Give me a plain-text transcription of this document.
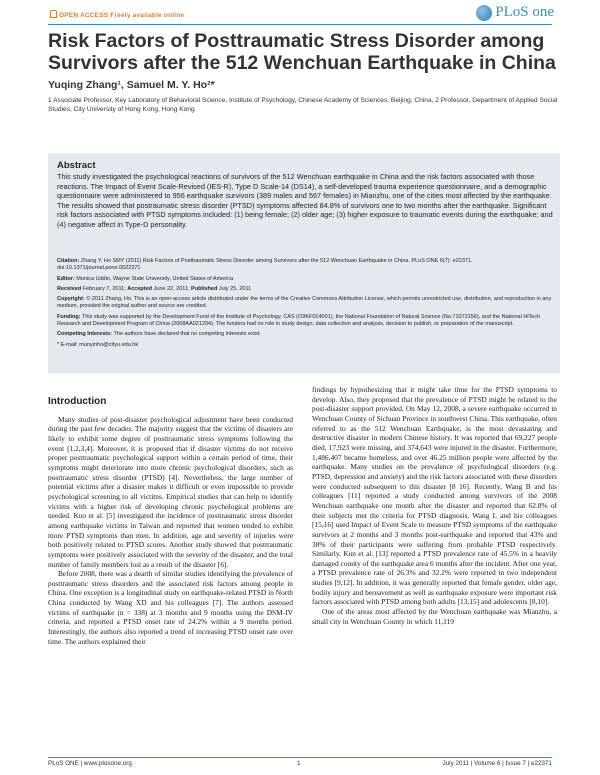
OPEN ACCESS Freely available online	PLoS one
Risk Factors of Posttraumatic Stress Disorder among Survivors after the 512 Wenchuan Earthquake in China
Yuqing Zhang¹, Samuel M. Y. Ho²*
1 Associate Professor, Key Laboratory of Behavioral Science, Institute of Psychology, Chinese Academy of Sciences, Beijing, China, 2 Professor, Department of Applied Social Studies, City University of Hong Kong, Hong Kong
Abstract

This study investigated the psychological reactions of survivors of the 512 Wenchuan earthquake in China and the risk factors associated with those reactions. The Impact of Event Scale-Revised (IES-R), Type D Scale-14 (DS14), a self-developed trauma experience questionnaire, and a demographic questionnaire were administered to 956 earthquake survivors (389 males and 567 females) in Mianzhu, one of the cities most affected by the earthquake. The results showed that postraumatic stress disorder (PTSD) symptoms affected 84.8% of survivors one to two months after the earthquake. Significant risk factors associated with PTSD symptoms included: (1) being female; (2) older age; (3) higher exposure to traumatic events during the earthquake; and (4) negative affect in Type-D personality.

Citation: Zhang Y, Ho SMY (2011) Risk Factors of Posttraumatic Stress Disorder among Survivors after the 512 Wenchuan Earthquake in China. PLoS ONE 6(7): e22371. doi:10.1371/journal.pone.0022371

Editor: Monica Uddin, Wayne State University, United States of America

Received February 7, 2011; Accepted June 22, 2011; Published July 25, 2011

Copyright: © 2011 Zhang, Ho. This is an open-access article distributed under the terms of the Creative Commons Attribution License, which permits unrestricted use, distribution, and reproduction in any medium, provided the original author and source are credited.

Funding: This study was supported by the Development Fund of the Institute of Psychology, CAS (O9KF014001), the National Foundation of Natural Science (No.71073156), and the National HiTech Research and Development Program of China (2008AA021204). The funders had no role in study design, data collection and analysis, decision to publish, or preparation of the manuscript.

Competing Interests: The authors have declared that no competing interests exist.

* E-mail: munyinho@cityu.edu.hk

Introduction

Many studies of post-disaster psychological adjustment have been conducted during the past few decades. The majority suggest that the victims of disasters are likely to exhibit some degree of posttraumatic stress symptoms following the event [1,2,3,4]. Moreover, it is proposed that if disaster victims do not receive proper posttraumatic psychological support within a certain period of time, their symptoms might deteriorate into more chronic psychological disorders, such as posttraumatic stress disorder (PTSD) [4]. Nevertheless, the large number of potential victims after a disaster makes it difficult or even impossible to provide psychological screening to all victims. Empirical studies that can help to identify victims with a higher risk of developing chronic psychological problems are needed. Kuo et al. [5] investigated the incidence of posttraumatic stress disorder among earthquake victims in Taiwan and reported that women tended to exhibit more PTSD symptoms than men. In addition, age and severity of injuries were both positively related to PTSD scores. Another study showed that posttraumatic symptoms were positively associated with the severity of the disaster, and the total number of family members lost as a result of the disaster [6].

Before 2008, there was a dearth of similar studies identifying the prevalence of posttraumatic stress disorders and the associated risk factors among people in China. One exception is a longitudinal study on earthquake-related PTSD in North China conducted by Wang XD and his colleagues [7]. The authors assessed victims of earthquake (n = 338) at 3 months and 9 months using the DSM-IV criteria, and reported a PTSD onset rate of 24.2% within a 9 months period. Interestingly, the authors also reported a trend of increasing PTSD onset rate over time. The authors explained their

findings by hypothesizing that it might take time for the PTSD symptoms to develop. Also, they proposed that the prevalence of PTSD might be related to the post-disaster support provided. On May 12, 2008, a severe earthquake occurred in Wenchuan County of Sichuan Province in southwest China. This earthquake, often referred to as the 512 Wenchuan Earthquake, is the most devastating and destructive disaster in modern Chinese history. It was reported that 69,227 people died, 17,923 were missing, and 374,643 were injured in the disaster. Furthermore, 1,486,407 became homeless, and over 46.25 million people were affected by the earthquake. Many studies on the prevalence of psychological disorders (e.g. PTSD, depression and anxiety) and the risk factors associated with these disorders were conducted subsequent to this disaster [8 16]. Recently, Wang B and his colleagues [11] reported a study conducted among survivors of the 2008 Wenchuan earthquake one month after the disaster and reported that 62.8% of their subjects met the criteria for PTSD diagnosis. Wang L and his colleagues [15,16] used Impact of Event Scale to measure PTSD symptoms of the earthquake survivors at 2 months and 3 months post-earthquake and reported that 43% and 38% of their participants were suffering from probable PTSD respectively. Similarly, Kun et al. [13] reported a PTSD prevalence rate of 45.5% in a heavily damaged county of the earthquake area 6 months after the incident. After one year, a PTSD prevalence rate of 26.3% and 32.2% were reported in two independent studies [9,12]. In addition, it was generally reported that female gender, older age, bodily injury and bereavement as well as earthquake exposure were important risk factors associated with PTSD among both adults [13,15] and adolescents [8,10].

One of the areas most affected by the Wenchuan earthquake was Mianzhu, a small city in Wenchuan County in which 11,119

PLoS ONE | www.plosone.org	1	July 2011 | Volume 6 | Issue 7 | e22371
